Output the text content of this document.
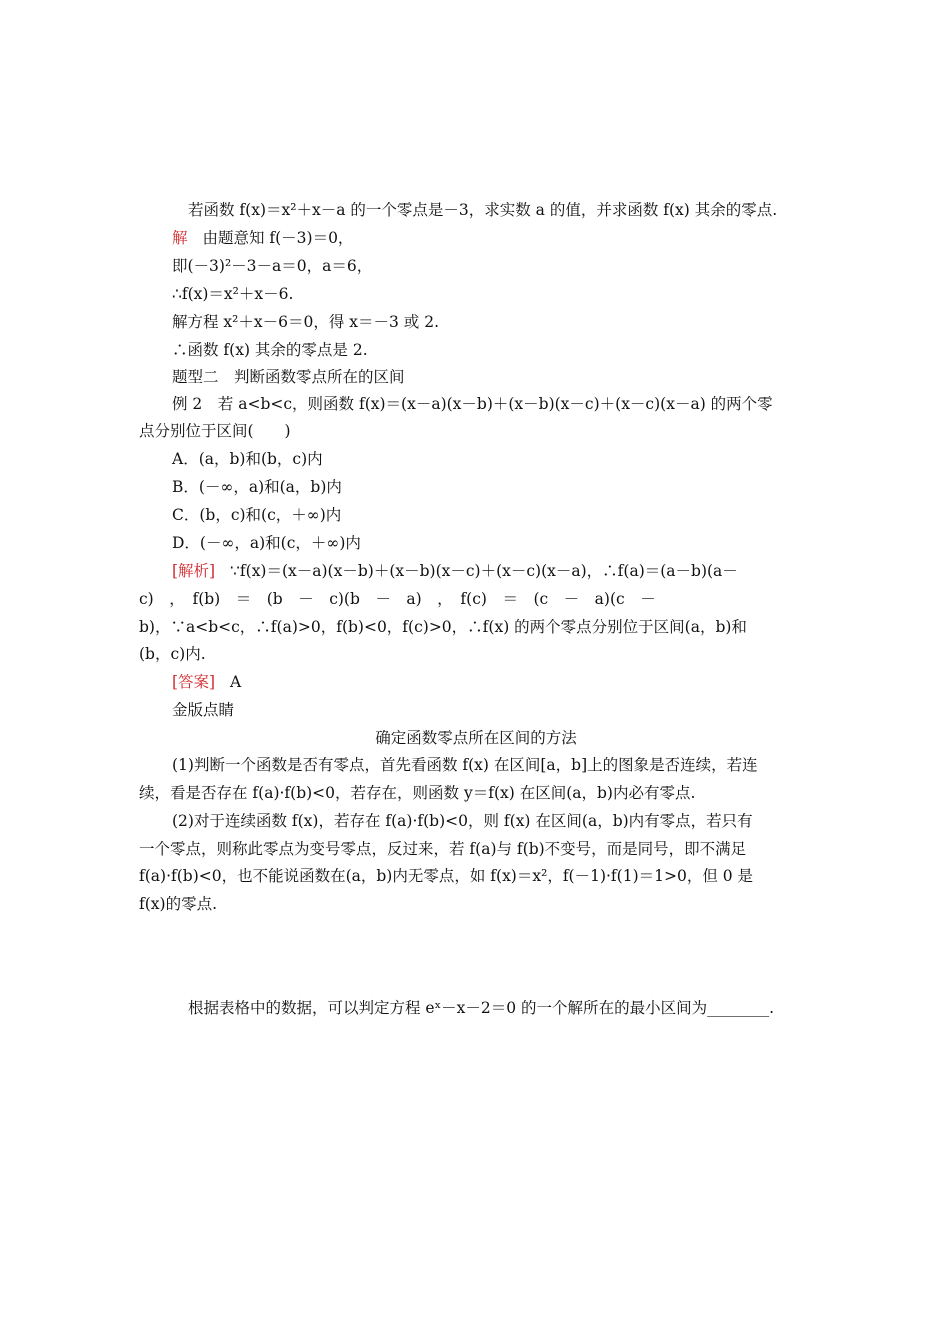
若函数 f(x)＝x²＋x－a 的一个零点是－3，求实数 a 的值，并求函数 f(x) 其余的零点.
解 由题意知 f(－3)＝0，
即(－3)²－3－a＝0，a＝6，
∴f(x)＝x²＋x－6.
解方程 x²＋x－6＝0，得 x＝－3 或 2.
∴函数 f(x) 其余的零点是 2.
题型二　判断函数零点所在的区间
例 2　若 a<b<c，则函数 f(x)＝(x－a)(x－b)＋(x－b)(x－c)＋(x－c)(x－a) 的两个零
点分别位于区间(　　)
A．(a，b)和(b，c)内
B．(－∞，a)和(a，b)内
C．(b，c)和(c，＋∞)内
D．(－∞，a)和(c，＋∞)内
[解析] ∵f(x)＝(x－a)(x－b)＋(x－b)(x－c)＋(x－c)(x－a)，∴f(a)＝(a－b)(a－
c)　，　f(b)　＝　(b　－　c)(b　－　a)　，　f(c)　＝　(c　－　a)(c　－
b)，∵a<b<c，∴f(a)>0，f(b)<0，f(c)>0，∴f(x) 的两个零点分别位于区间(a，b)和
(b，c)内.
[答案] A
金版点睛
确定函数零点所在区间的方法
(1)判断一个函数是否有零点，首先看函数 f(x) 在区间[a，b]上的图象是否连续，若连
续，看是否存在 f(a)·f(b)<0，若存在，则函数 y＝f(x) 在区间(a，b)内必有零点.
(2)对于连续函数 f(x)，若存在 f(a)·f(b)<0，则 f(x) 在区间(a，b)内有零点，若只有
一个零点，则称此零点为变号零点，反过来，若 f(a)与 f(b)不变号，而是同号，即不满足
f(a)·f(b)<0，也不能说函数在(a，b)内无零点，如 f(x)＝x²，f(－1)·f(1)＝1>0，但 0 是
f(x)的零点.
根据表格中的数据，可以判定方程 eˣ－x－2＝0 的一个解所在的最小区间为________.
